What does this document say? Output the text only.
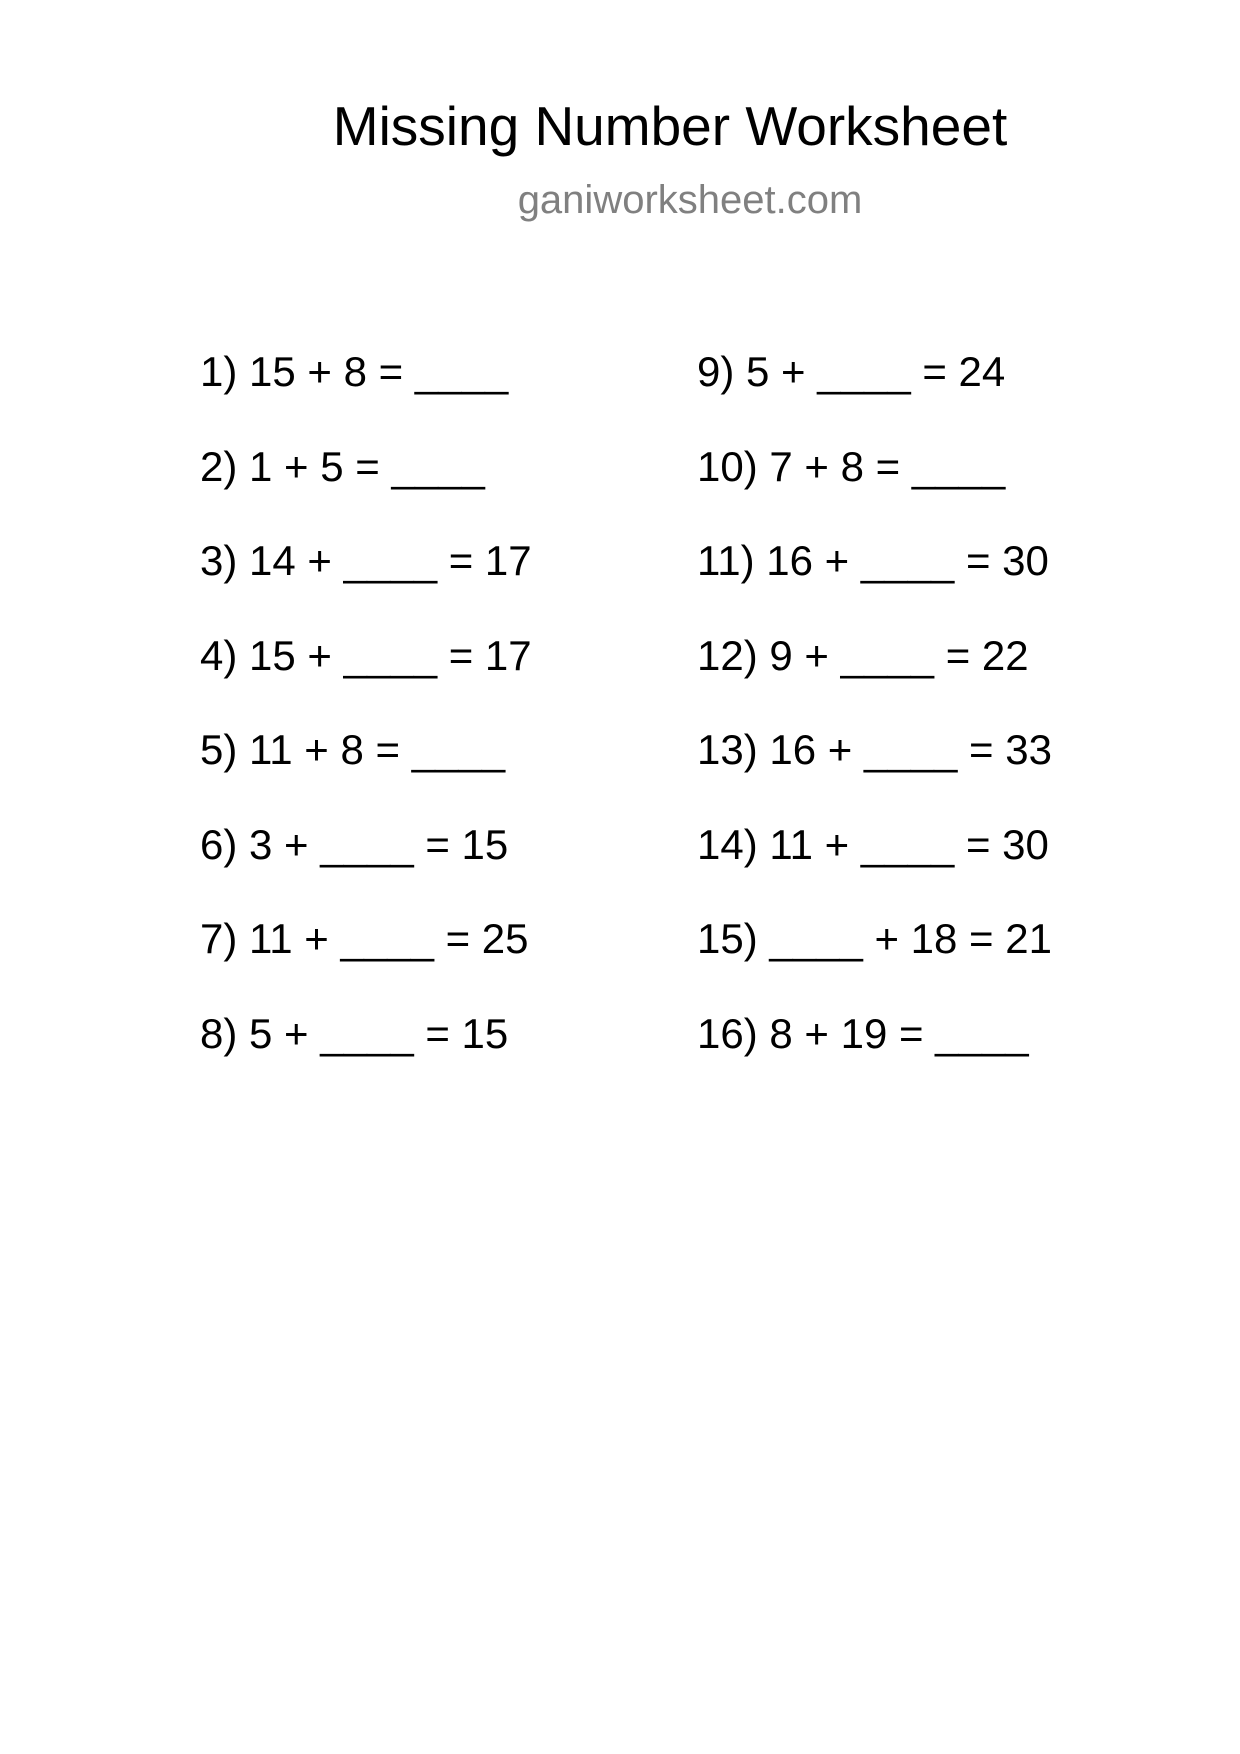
Missing Number Worksheet
ganiworksheet.com
1) 15 + 8 = ____
2) 1 + 5 = ____
3) 14 + ____ = 17
4) 15 + ____ = 17
5) 11 + 8 = ____
6) 3 + ____ = 15
7) 11 + ____ = 25
8) 5 + ____ = 15
9) 5 + ____ = 24
10) 7 + 8 = ____
11) 16 + ____ = 30
12) 9 + ____ = 22
13) 16 + ____ = 33
14) 11 + ____ = 30
15) ____ + 18 = 21
16) 8 + 19 = ____
